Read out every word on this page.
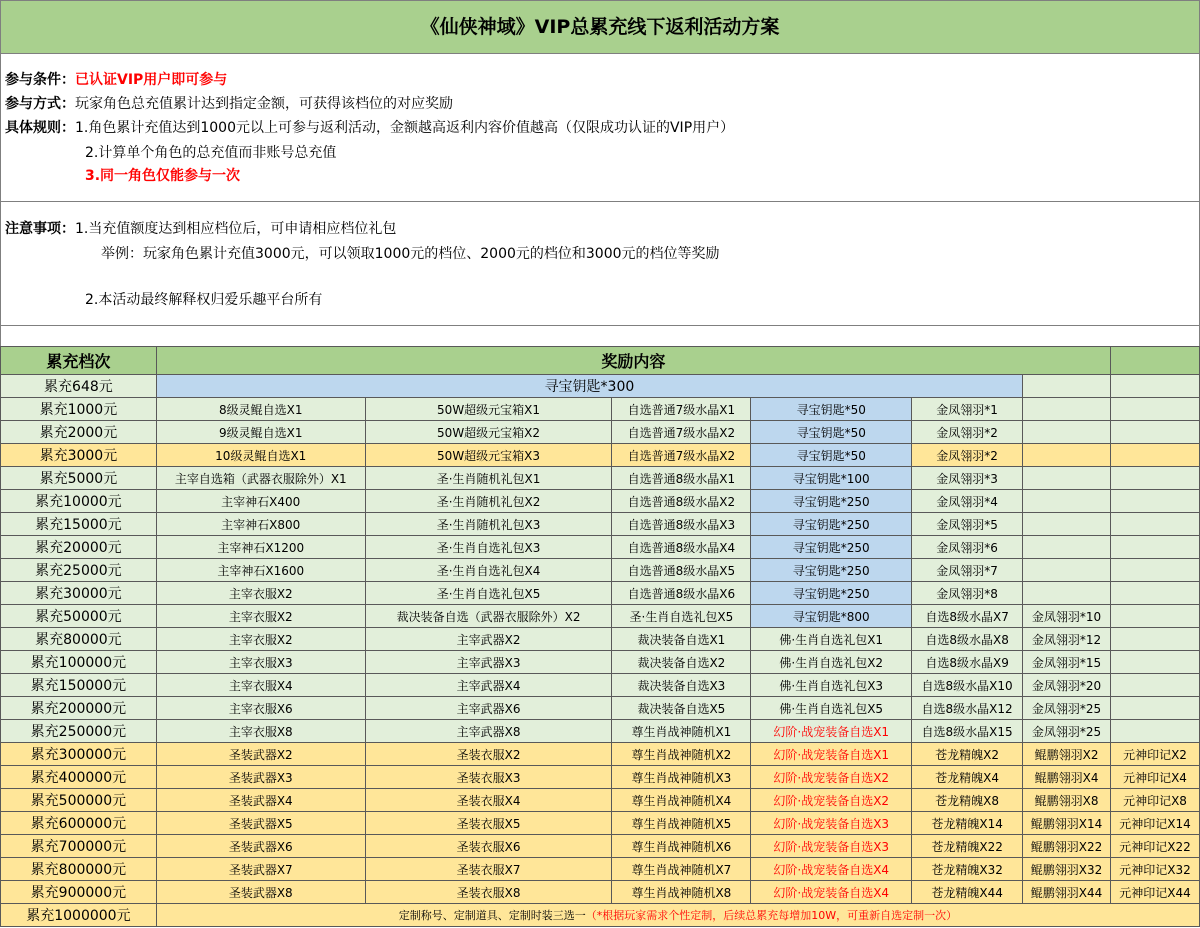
《仙侠神域》VIP总累充线下返利活动方案
参与条件：已认证VIP用户即可参与
参与方式：玩家角色总充值累计达到指定金额，可获得该档位的对应奖励
具体规则：1.角色累计充值达到1000元以上可参与返利活动，金额越高返利内容价值越高（仅限成功认证的VIP用户）
2.计算单个角色的总充值而非账号总充值
3.同一角色仅能参与一次
注意事项：1.当充值额度达到相应档位后，可申请相应档位礼包
举例：玩家角色累计充值3000元，可以领取1000元的档位、2000元的档位和3000元的档位等奖励
2.本活动最终解释权归爱乐趣平台所有
累充档次	奖励内容						
累充648元	寻宝钥匙*300						
累充1000元	8级灵鲲自选X1	50W超级元宝箱X1	自选普通7级水晶X1	寻宝钥匙*50	金凤翎羽*1		
累充2000元	9级灵鲲自选X1	50W超级元宝箱X2	自选普通7级水晶X2	寻宝钥匙*50	金凤翎羽*2		
累充3000元	10级灵鲲自选X1	50W超级元宝箱X3	自选普通7级水晶X2	寻宝钥匙*50	金凤翎羽*2		
累充5000元	主宰自选箱（武器衣服除外）X1	圣·生肖随机礼包X1	自选普通8级水晶X1	寻宝钥匙*100	金凤翎羽*3		
累充10000元	主宰神石X400	圣·生肖随机礼包X2	自选普通8级水晶X2	寻宝钥匙*250	金凤翎羽*4		
累充15000元	主宰神石X800	圣·生肖随机礼包X3	自选普通8级水晶X3	寻宝钥匙*250	金凤翎羽*5		
累充20000元	主宰神石X1200	圣·生肖自选礼包X3	自选普通8级水晶X4	寻宝钥匙*250	金凤翎羽*6		
累充25000元	主宰神石X1600	圣·生肖自选礼包X4	自选普通8级水晶X5	寻宝钥匙*250	金凤翎羽*7		
累充30000元	主宰衣服X2	圣·生肖自选礼包X5	自选普通8级水晶X6	寻宝钥匙*250	金凤翎羽*8		
累充50000元	主宰衣服X2	裁决装备自选（武器衣服除外）X2	圣·生肖自选礼包X5	寻宝钥匙*800	自选8级水晶X7	金凤翎羽*10	
累充80000元	主宰衣服X2	主宰武器X2	裁决装备自选X1	佛·生肖自选礼包X1	自选8级水晶X8	金凤翎羽*12	
累充100000元	主宰衣服X3	主宰武器X3	裁决装备自选X2	佛·生肖自选礼包X2	自选8级水晶X9	金凤翎羽*15	
累充150000元	主宰衣服X4	主宰武器X4	裁决装备自选X3	佛·生肖自选礼包X3	自选8级水晶X10	金凤翎羽*20	
累充200000元	主宰衣服X6	主宰武器X6	裁决装备自选X5	佛·生肖自选礼包X5	自选8级水晶X12	金凤翎羽*25	
累充250000元	主宰衣服X8	主宰武器X8	尊生肖战神随机X1	幻阶·战宠装备自选X1	自选8级水晶X15	金凤翎羽*25	
累充300000元	圣装武器X2	圣装衣服X2	尊生肖战神随机X2	幻阶·战宠装备自选X1	苍龙精魄X2	鲲鹏翎羽X2	元神印记X2
累充400000元	圣装武器X3	圣装衣服X3	尊生肖战神随机X3	幻阶·战宠装备自选X2	苍龙精魄X4	鲲鹏翎羽X4	元神印记X4
累充500000元	圣装武器X4	圣装衣服X4	尊生肖战神随机X4	幻阶·战宠装备自选X2	苍龙精魄X8	鲲鹏翎羽X8	元神印记X8
累充600000元	圣装武器X5	圣装衣服X5	尊生肖战神随机X5	幻阶·战宠装备自选X3	苍龙精魄X14	鲲鹏翎羽X14	元神印记X14
累充700000元	圣装武器X6	圣装衣服X6	尊生肖战神随机X6	幻阶·战宠装备自选X3	苍龙精魄X22	鲲鹏翎羽X22	元神印记X22
累充800000元	圣装武器X7	圣装衣服X7	尊生肖战神随机X7	幻阶·战宠装备自选X4	苍龙精魄X32	鲲鹏翎羽X32	元神印记X32
累充900000元	圣装武器X8	圣装衣服X8	尊生肖战神随机X8	幻阶·战宠装备自选X4	苍龙精魄X44	鲲鹏翎羽X44	元神印记X44
累充1000000元	定制称号、定制道具、定制时装三选一（*根据玩家需求个性定制，后续总累充每增加10W，可重新自选定制一次）						
